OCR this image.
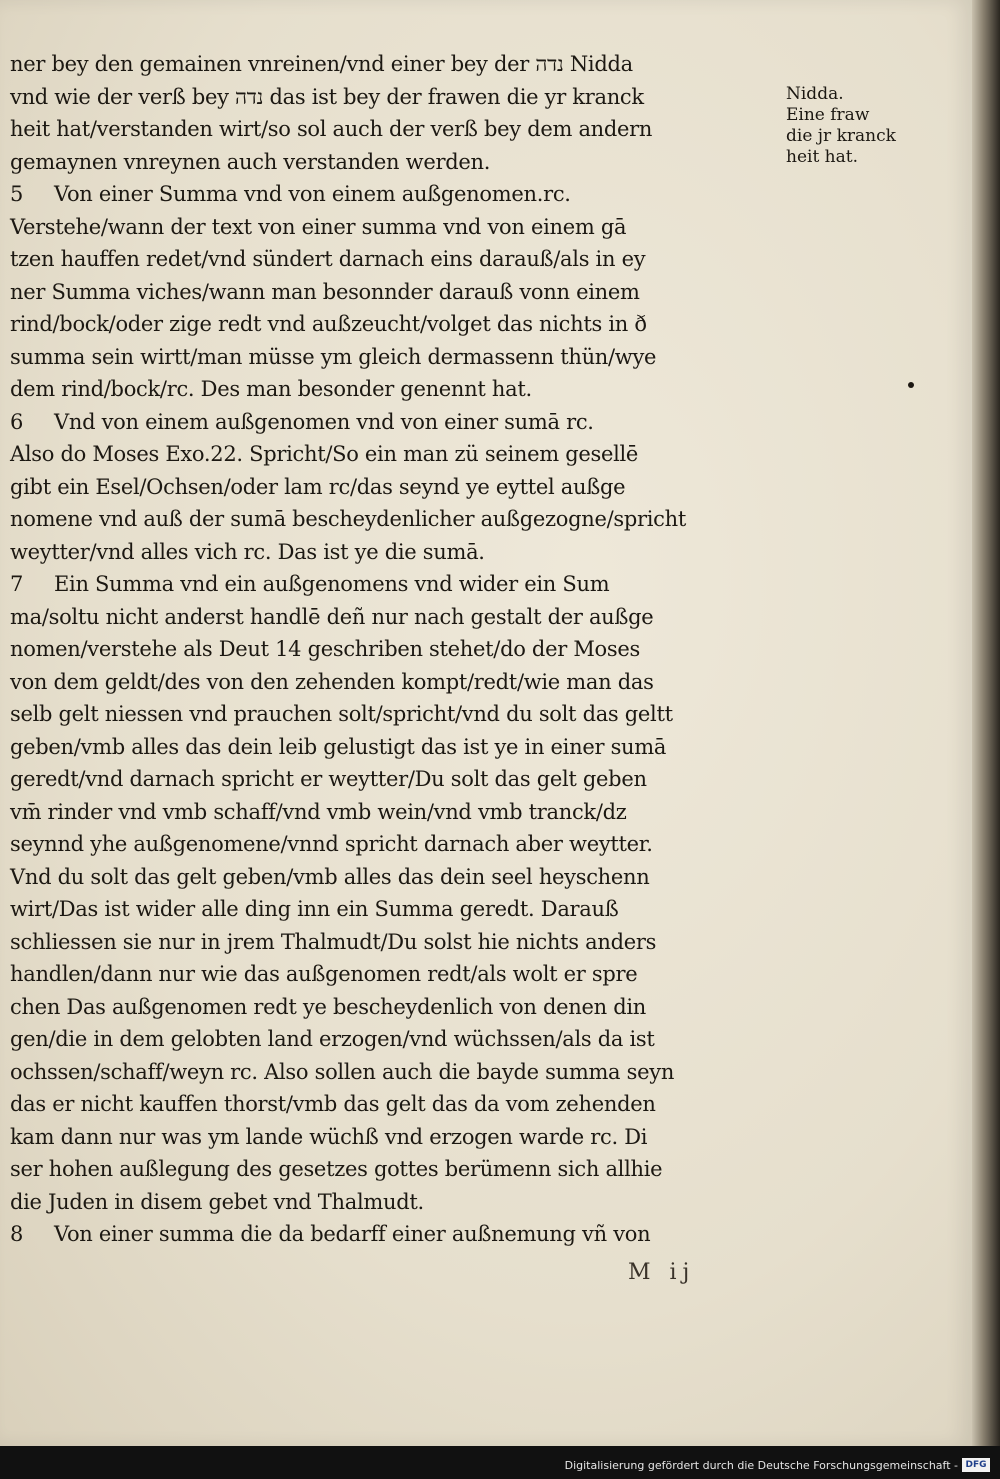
ner bey den gemainen vnreinen/vnd einer bey der נדה Nidda
vnd wie der verß bey נדה das ist bey der frawen die yr kranck
heit hat/verstanden wirt/so sol auch der verß bey dem andern
gemaynen vnreynen auch verstanden werden.
5 Von einer Summa vnd von einem außgenomen.rc.
Verstehe/wann der text von einer summa vnd von einem gā
tzen hauffen redet/vnd sündert darnach eins darauß/als in ey
ner Summa viches/wann man besonnder darauß vonn einem
rind/bock/oder zige redt vnd außzeucht/volget das nichts in ð
summa sein wirtt/man müsse ym gleich dermassenn thün/wye
dem rind/bock/rc. Des man besonder genennt hat.
6 Vnd von einem außgenomen vnd von einer sumā rc.
Also do Moses Exo.22. Spricht/So ein man zü seinem gesellē
gibt ein Esel/Ochsen/oder lam rc/das seynd ye eyttel außge
nomene vnd auß der sumā bescheydenlicher außgezogne/spricht
weytter/vnd alles vich rc. Das ist ye die sumā.
7 Ein Summa vnd ein außgenomens vnd wider ein Sum
ma/soltu nicht anderst handlē deñ nur nach gestalt der außge
nomen/verstehe als Deut 14 geschriben stehet/do der Moses
von dem geldt/des von den zehenden kompt/redt/wie man das
selb gelt niessen vnd prauchen solt/spricht/vnd du solt das geltt
geben/vmb alles das dein leib gelustigt das ist ye in einer sumā
geredt/vnd darnach spricht er weytter/Du solt das gelt geben
vm̄ rinder vnd vmb schaff/vnd vmb wein/vnd vmb tranck/dz
seynnd yhe außgenomene/vnnd spricht darnach aber weytter.
Vnd du solt das gelt geben/vmb alles das dein seel heyschenn
wirt/Das ist wider alle ding inn ein Summa geredt. Darauß
schliessen sie nur in jrem Thalmudt/Du solst hie nichts anders
handlen/dann nur wie das außgenomen redt/als wolt er spre
chen Das außgenomen redt ye bescheydenlich von denen din
gen/die in dem gelobten land erzogen/vnd wüchssen/als da ist
ochssen/schaff/weyn rc. Also sollen auch die bayde summa seyn
das er nicht kauffen thorst/vmb das gelt das da vom zehenden
kam dann nur was ym lande wüchß vnd erzogen warde rc. Di
ser hohen außlegung des gesetzes gottes berümenn sich allhie
die Juden in disem gebet vnd Thalmudt.
8 Von einer summa die da bedarff einer außnemung vñ von
Nidda.
Eine fraw
die jr kranck
heit hat.
M ij
Digitalisierung gefördert durch die Deutsche Forschungsgemeinschaft - DFG
